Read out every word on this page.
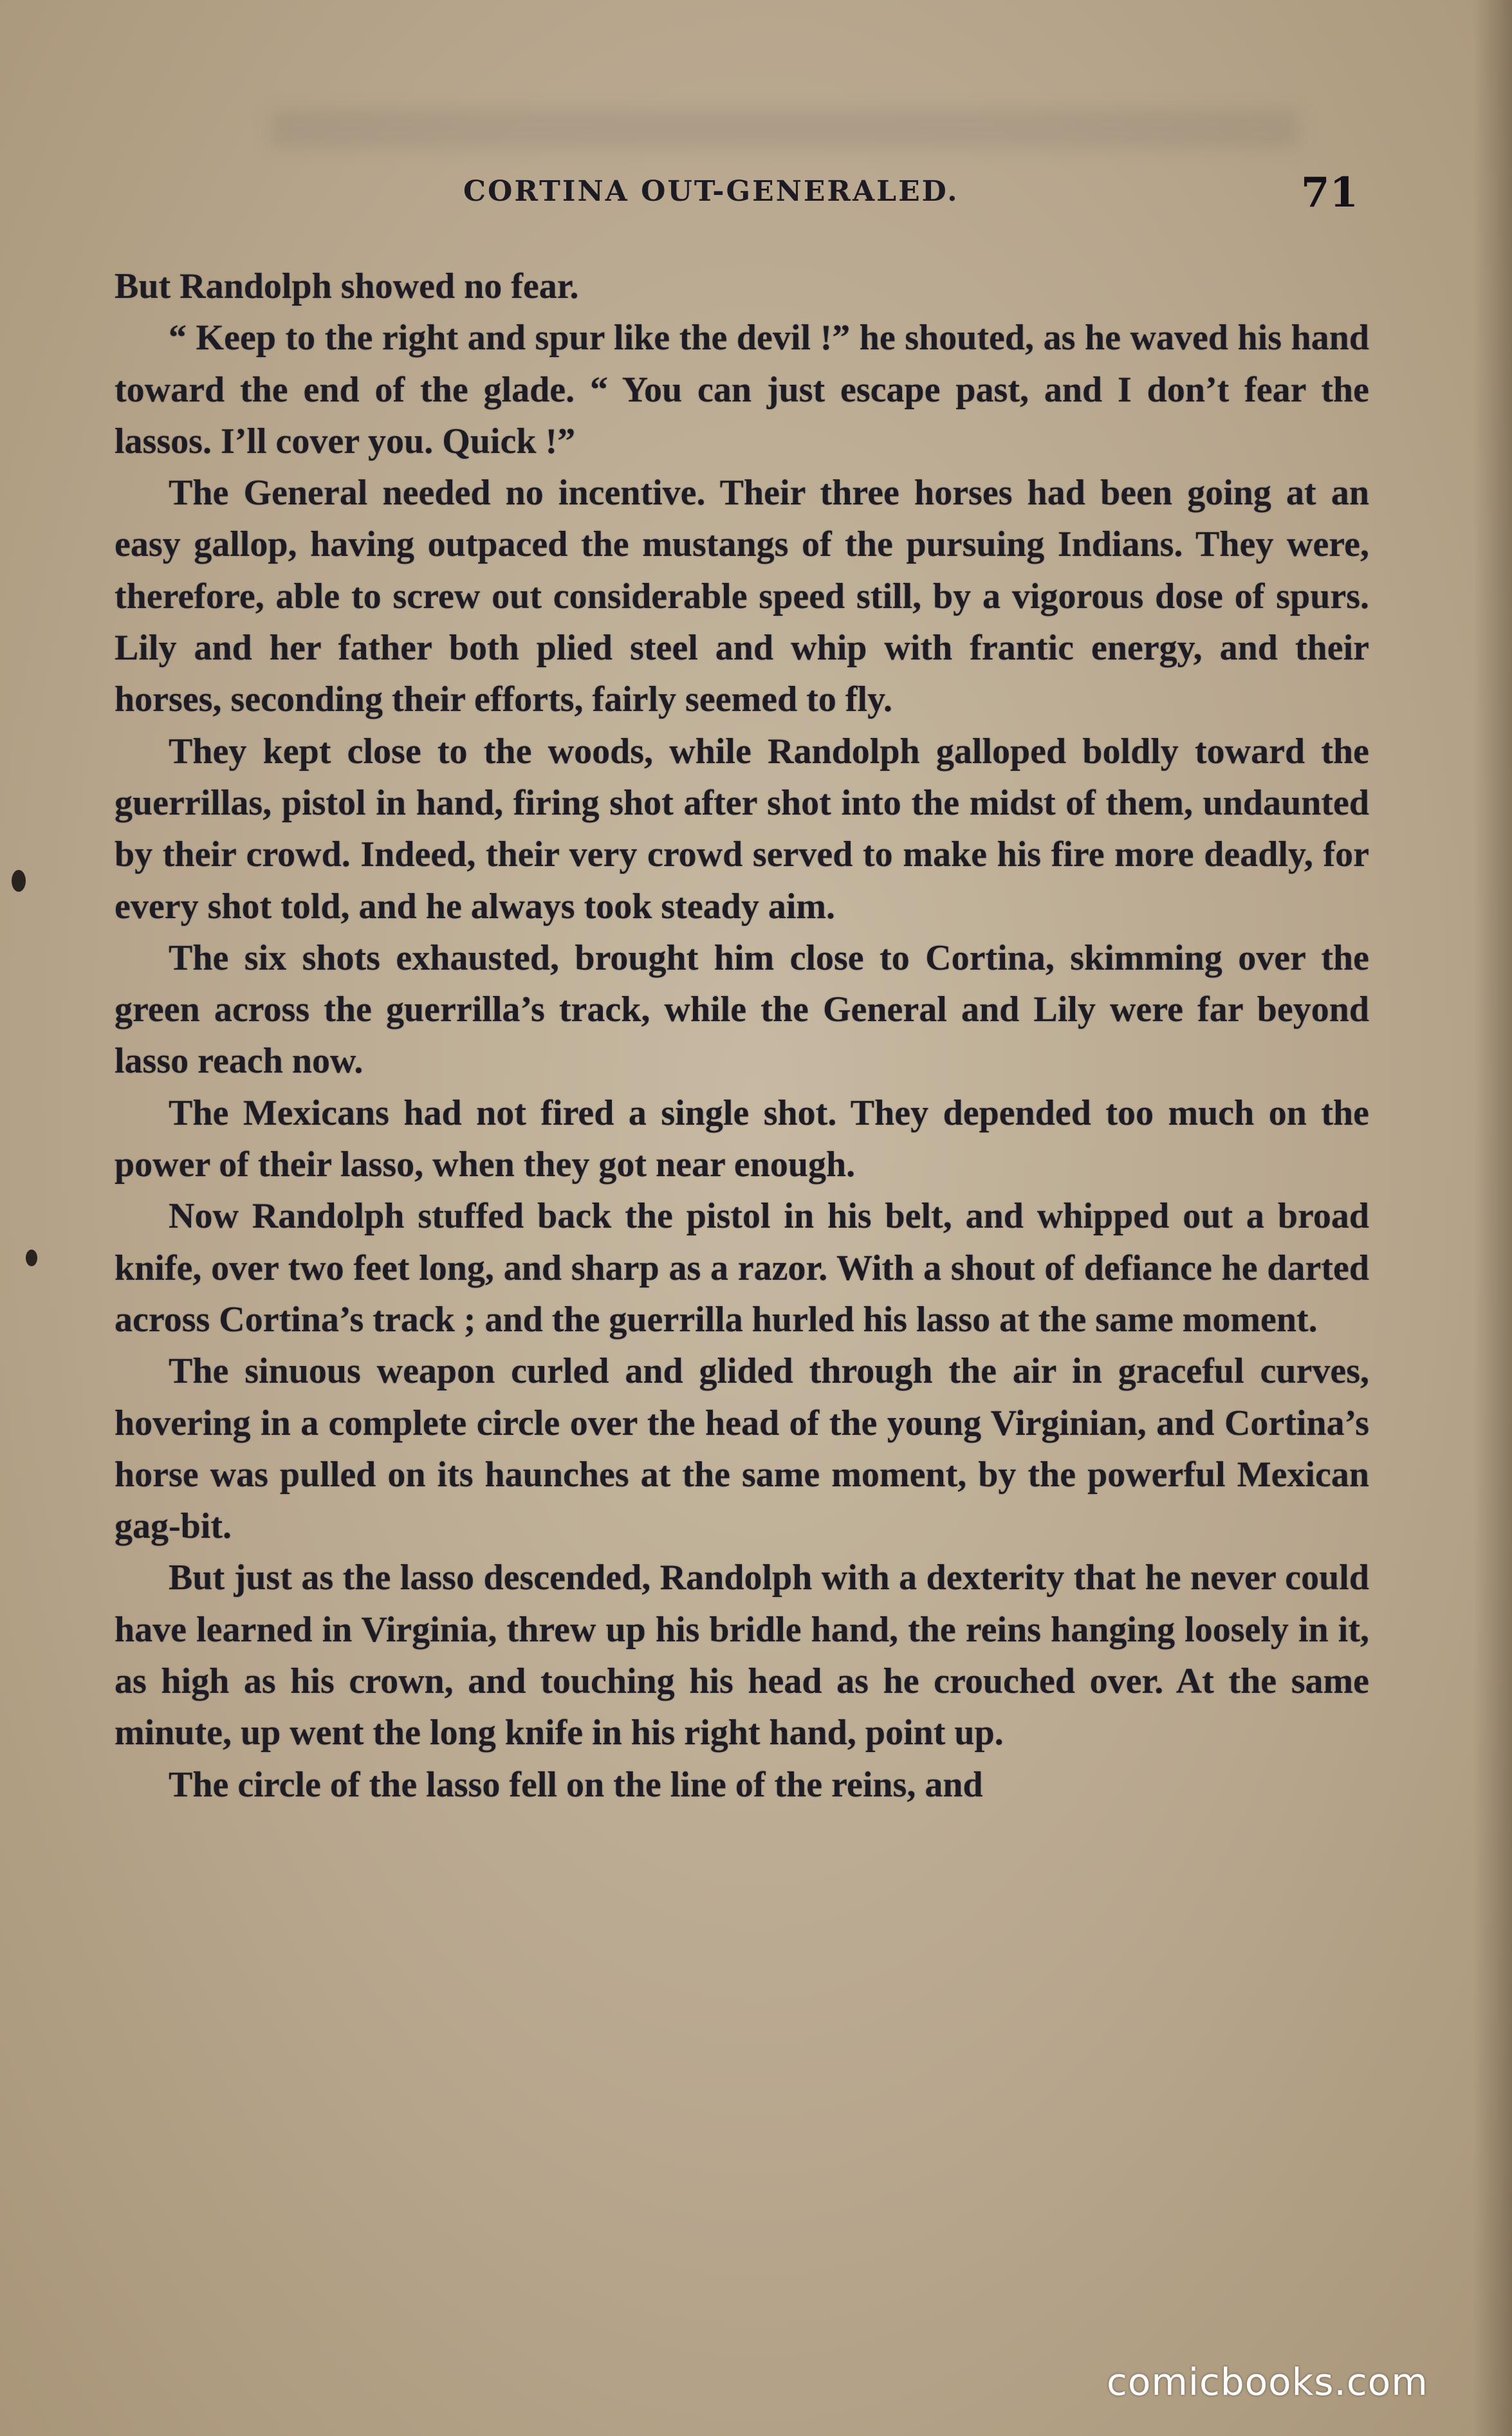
CORTINA OUT-GENERALED.	71

But Randolph showed no fear.

“ Keep to the right and spur like the devil !” he shouted, as he waved his hand toward the end of the glade. “ You can just escape past, and I don’t fear the lassos. I’ll cover you. Quick !”

The General needed no incentive. Their three horses had been going at an easy gallop, having outpaced the mustangs of the pursuing Indians. They were, therefore, able to screw out considerable speed still, by a vigorous dose of spurs. Lily and her father both plied steel and whip with frantic energy, and their horses, seconding their efforts, fairly seemed to fly.

They kept close to the woods, while Randolph galloped boldly toward the guerrillas, pistol in hand, firing shot after shot into the midst of them, undaunted by their crowd. Indeed, their very crowd served to make his fire more deadly, for every shot told, and he always took steady aim.

The six shots exhausted, brought him close to Cortina, skimming over the green across the guerrilla’s track, while the General and Lily were far beyond lasso reach now.

The Mexicans had not fired a single shot. They depended too much on the power of their lasso, when they got near enough.

Now Randolph stuffed back the pistol in his belt, and whipped out a broad knife, over two feet long, and sharp as a razor. With a shout of defiance he darted across Cortina’s track ; and the guerrilla hurled his lasso at the same moment.

The sinuous weapon curled and glided through the air in graceful curves, hovering in a complete circle over the head of the young Virginian, and Cortina’s horse was pulled on its haunches at the same moment, by the powerful Mexican gag-bit.

But just as the lasso descended, Randolph with a dexterity that he never could have learned in Virginia, threw up his bridle hand, the reins hanging loosely in it, as high as his crown, and touching his head as he crouched over. At the same minute, up went the long knife in his right hand, point up.

The circle of the lasso fell on the line of the reins, and

comicbooks.com
